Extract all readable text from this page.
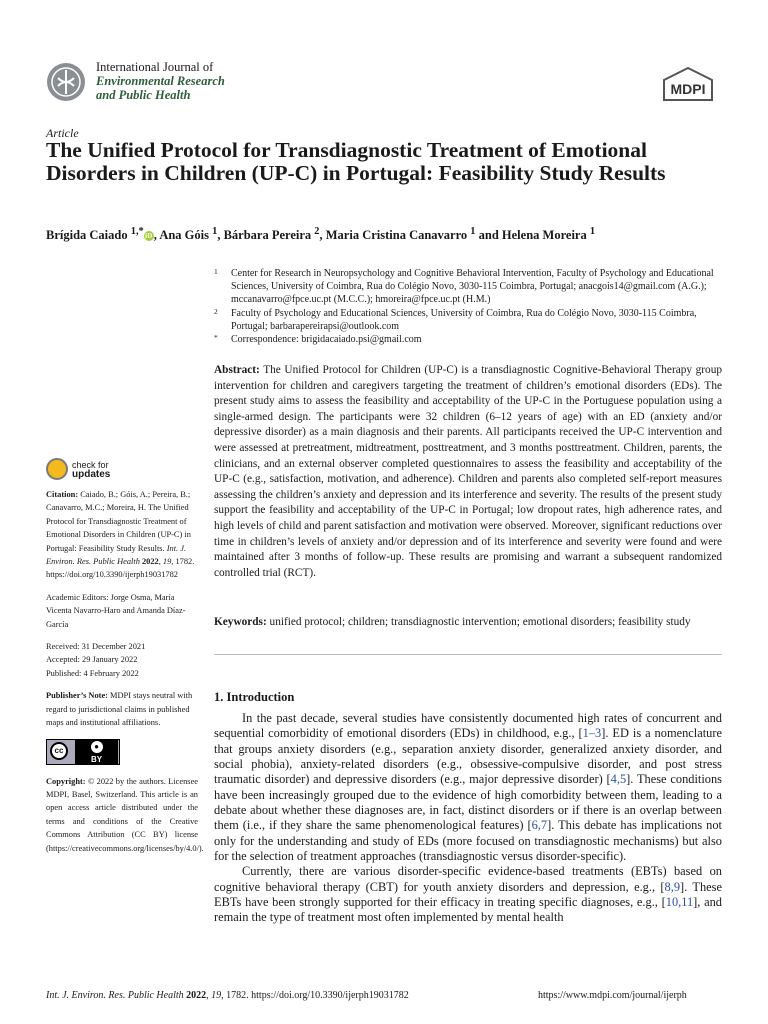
International Journal of
Environmental Research
and Public Health	MDPI
Article
The Unified Protocol for Transdiagnostic Treatment of Emotional Disorders in Children (UP-C) in Portugal: Feasibility Study Results
Brígida Caiado $^{1,*}$ iD , Ana Góis $^1$, Bárbara Pereira $^2$, Maria Cristina Canavarro $^1$ and Helena Moreira $^1$
1 Center for Research in Neuropsychology and Cognitive Behavioral Intervention, Faculty of Psychology and Educational Sciences, University of Coimbra, Rua do Colégio Novo, 3030-115 Coimbra, Portugal; anacgois14@gmail.com (A.G.); mccanavarro@fpce.uc.pt (M.C.C.); hmoreira@fpce.uc.pt (H.M.)
2 Faculty of Psychology and Educational Sciences, University of Coimbra, Rua do Colégio Novo, 3030-115 Coimbra, Portugal; barbarapereirapsi@outlook.com
* Correspondence: brigidacaiado.psi@gmail.com

Abstract: The Unified Protocol for Children (UP-C) is a transdiagnostic Cognitive-Behavioral Therapy group intervention for children and caregivers targeting the treatment of children’s emotional disorders (EDs). The present study aims to assess the feasibility and acceptability of the UP-C in the Portuguese population using a single-armed design. The participants were 32 children (6–12 years of age) with an ED (anxiety and/or depressive disorder) as a main diagnosis and their parents. All participants received the UP-C intervention and were assessed at pretreatment, midtreatment, posttreatment, and 3 months posttreatment. Children, parents, the clinicians, and an external observer completed questionnaires to assess the feasibility and acceptability of the UP-C (e.g., satisfaction, motivation, and adherence). Children and parents also completed self-report measures assessing the children’s anxiety and depression and its interference and severity. The results of the present study support the feasibility and acceptability of the UP-C in Portugal; low dropout rates, high adherence rates, and high levels of child and parent satisfaction and motivation were observed. Moreover, significant reductions over time in children’s levels of anxiety and/or depression and of its interference and severity were found and were maintained after 3 months of follow-up. These results are promising and warrant a subsequent randomized controlled trial (RCT).

Keywords: unified protocol; children; transdiagnostic intervention; emotional disorders; feasibility study

check for
updates

Citation: Caiado, B.; Góis, A.; Pereira, B.; Canavarro, M.C.; Moreira, H. The Unified Protocol for Transdiagnostic Treatment of Emotional Disorders in Children (UP-C) in Portugal: Feasibility Study Results. Int. J. Environ. Res. Public Health 2022, 19, 1782. https://doi.org/10.3390/ijerph19031782

Academic Editors: Jorge Osma, María Vicenta Navarro-Haro and Amanda Díaz-García

Received: 31 December 2021
Accepted: 29 January 2022
Published: 4 February 2022

Publisher’s Note: MDPI stays neutral with regard to jurisdictional claims in published maps and institutional affiliations.

cc	●
BY

Copyright: © 2022 by the authors. Licensee MDPI, Basel, Switzerland. This article is an open access article distributed under the terms and conditions of the Creative Commons Attribution (CC BY) license (https://creativecommons.org/licenses/by/4.0/).

1. Introduction

In the past decade, several studies have consistently documented high rates of concurrent and sequential comorbidity of emotional disorders (EDs) in childhood, e.g., [1–3]. ED is a nomenclature that groups anxiety disorders (e.g., separation anxiety disorder, generalized anxiety disorder, and social phobia), anxiety-related disorders (e.g., obsessive-compulsive disorder, and post stress traumatic disorder) and depressive disorders (e.g., major depressive disorder) [4,5]. These conditions have been increasingly grouped due to the evidence of high comorbidity between them, leading to a debate about whether these diagnoses are, in fact, distinct disorders or if there is an overlap between them (i.e., if they share the same phenomenological features) [6,7]. This debate has implications not only for the understanding and study of EDs (more focused on transdiagnostic mechanisms) but also for the selection of treatment approaches (transdiagnostic versus disorder-specific).

Currently, there are various disorder-specific evidence-based treatments (EBTs) based on cognitive behavioral therapy (CBT) for youth anxiety disorders and depression, e.g., [8,9]. These EBTs have been strongly supported for their efficacy in treating specific diagnoses, e.g., [10,11], and remain the type of treatment most often implemented by mental health

Int. J. Environ. Res. Public Health 2022, 19, 1782. https://doi.org/10.3390/ijerph19031782	https://www.mdpi.com/journal/ijerph
